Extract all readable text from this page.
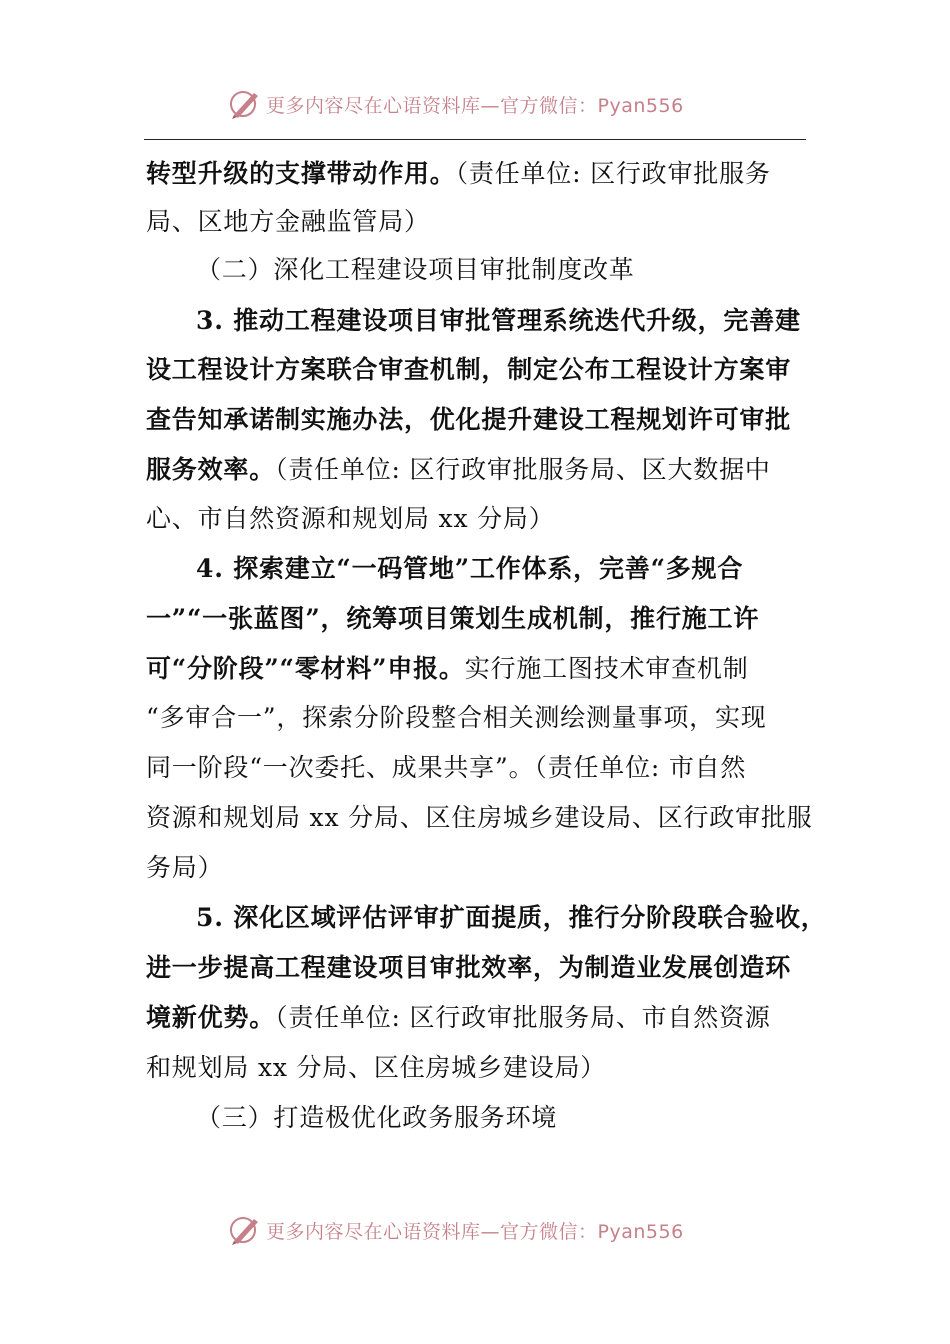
更多内容尽在心语资料库—官方微信：Pyan556
转型升级的支撑带动作用。（责任单位: 区行政审批服务
局、区地方金融监管局）
（二）深化工程建设项目审批制度改革
3. 推动工程建设项目审批管理系统迭代升级，完善建
设工程设计方案联合审查机制，制定公布工程设计方案审
查告知承诺制实施办法，优化提升建设工程规划许可审批
服务效率。（责任单位: 区行政审批服务局、区大数据中
心、市自然资源和规划局 xx 分局）
4. 探索建立“一码管地”工作体系，完善“多规合
一”“一张蓝图”，统筹项目策划生成机制，推行施工许
可“分阶段”“零材料”申报。实行施工图技术审查机制
“多审合一”，探索分阶段整合相关测绘测量事项，实现
同一阶段“一次委托、成果共享”。（责任单位: 市自然
资源和规划局 xx 分局、区住房城乡建设局、区行政审批服
务局）
5. 深化区域评估评审扩面提质，推行分阶段联合验收，
进一步提高工程建设项目审批效率，为制造业发展创造环
境新优势。（责任单位: 区行政审批服务局、市自然资源
和规划局 xx 分局、区住房城乡建设局）
（三）打造极优化政务服务环境
更多内容尽在心语资料库—官方微信：Pyan556
